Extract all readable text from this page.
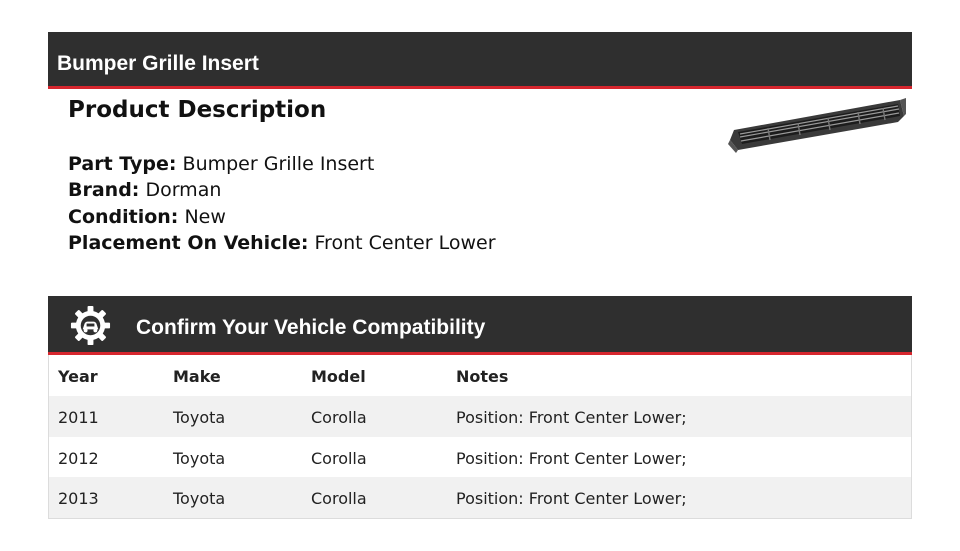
Bumper Grille Insert
Product Description
Part Type: Bumper Grille Insert
Brand: Dorman
Condition: New
Placement On Vehicle: Front Center Lower
Confirm Your Vehicle Compatibility
Year	Make	Model	Notes
2011	Toyota	Corolla	Position: Front Center Lower;
2012	Toyota	Corolla	Position: Front Center Lower;
2013	Toyota	Corolla	Position: Front Center Lower;
